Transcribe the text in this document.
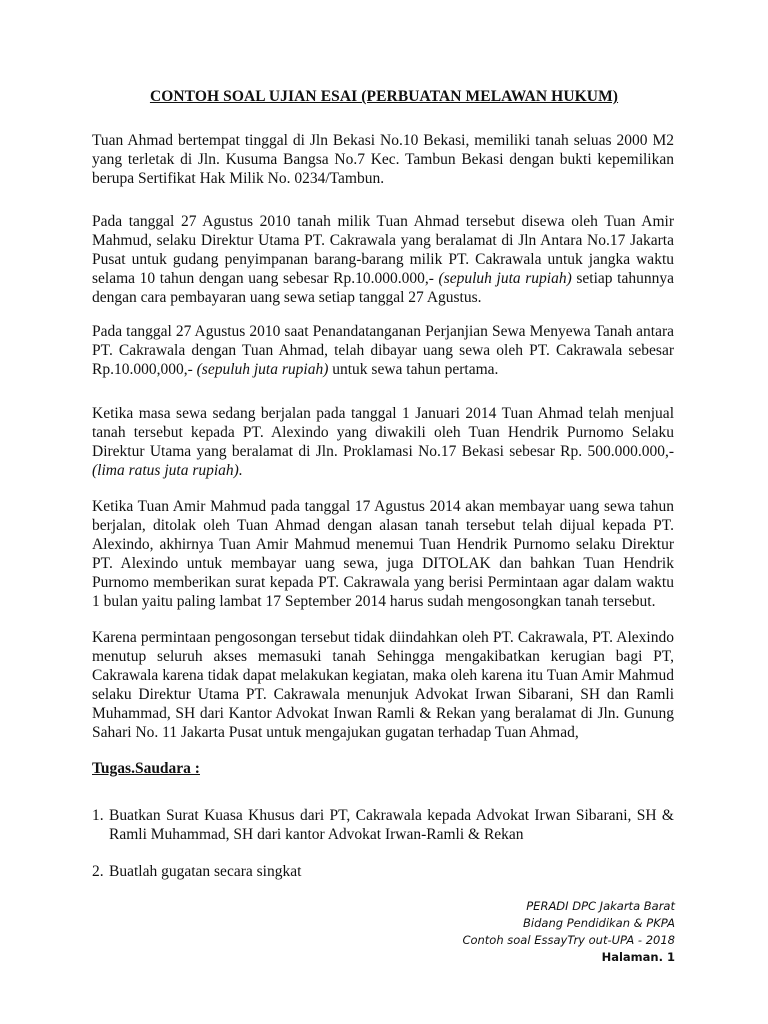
CONTOH SOAL UJIAN ESAI (PERBUATAN MELAWAN HUKUM)

Tuan Ahmad bertempat tinggal di Jln Bekasi No.10 Bekasi, memiliki tanah seluas 2000 M2 yang terletak di Jln. Kusuma Bangsa No.7 Kec. Tambun Bekasi dengan bukti kepemilikan berupa Sertifikat Hak Milik No. 0234/Tambun.

Pada tanggal 27 Agustus 2010 tanah milik Tuan Ahmad tersebut disewa oleh Tuan Amir Mahmud, selaku Direktur Utama PT. Cakrawala yang beralamat di Jln Antara No.17 Jakarta Pusat untuk gudang penyimpanan barang-barang milik PT. Cakrawala untuk jangka waktu selama 10 tahun dengan uang sebesar Rp.10.000.000,- (sepuluh juta rupiah) setiap tahunnya dengan cara pembayaran uang sewa setiap tanggal 27 Agustus.

Pada tanggal 27 Agustus 2010 saat Penandatanganan Perjanjian Sewa Menyewa Tanah antara PT. Cakrawala dengan Tuan Ahmad, telah dibayar uang sewa oleh PT. Cakrawala sebesar Rp.10.000,000,- (sepuluh juta rupiah) untuk sewa tahun pertama.

Ketika masa sewa sedang berjalan pada tanggal 1 Januari 2014 Tuan Ahmad telah menjual tanah tersebut kepada PT. Alexindo yang diwakili oleh Tuan Hendrik Purnomo Selaku Direktur Utama yang beralamat di Jln. Proklamasi No.17 Bekasi sebesar Rp. 500.000.000,- (lima ratus juta rupiah).

Ketika Tuan Amir Mahmud pada tanggal 17 Agustus 2014 akan membayar uang sewa tahun berjalan, ditolak oleh Tuan Ahmad dengan alasan tanah tersebut telah dijual kepada PT. Alexindo, akhirnya Tuan Amir Mahmud menemui Tuan Hendrik Purnomo selaku Direktur PT. Alexindo untuk membayar uang sewa, juga DITOLAK dan bahkan Tuan Hendrik Purnomo memberikan surat kepada PT. Cakrawala yang berisi Permintaan agar dalam waktu 1 bulan yaitu paling lambat 17 September 2014 harus sudah mengosongkan tanah tersebut.

Karena permintaan pengosongan tersebut tidak diindahkan oleh PT. Cakrawala, PT. Alexindo menutup seluruh akses memasuki tanah Sehingga mengakibatkan kerugian bagi PT, Cakrawala karena tidak dapat melakukan kegiatan, maka oleh karena itu Tuan Amir Mahmud selaku Direktur Utama PT. Cakrawala menunjuk Advokat Irwan Sibarani, SH dan Ramli Muhammad, SH dari Kantor Advokat Inwan Ramli & Rekan yang beralamat di Jln. Gunung Sahari No. 11 Jakarta Pusat untuk mengajukan gugatan terhadap Tuan Ahmad,

Tugas.Saudara :
1. Buatkan Surat Kuasa Khusus dari PT, Cakrawala kepada Advokat Irwan Sibarani, SH & Ramli Muhammad, SH dari kantor Advokat Irwan-Ramli & Rekan
2. Buatlah gugatan secara singkat
PERADI DPC Jakarta Barat
Bidang Pendidikan & PKPA
Contoh soal EssayTry out-UPA - 2018
Halaman. 1
